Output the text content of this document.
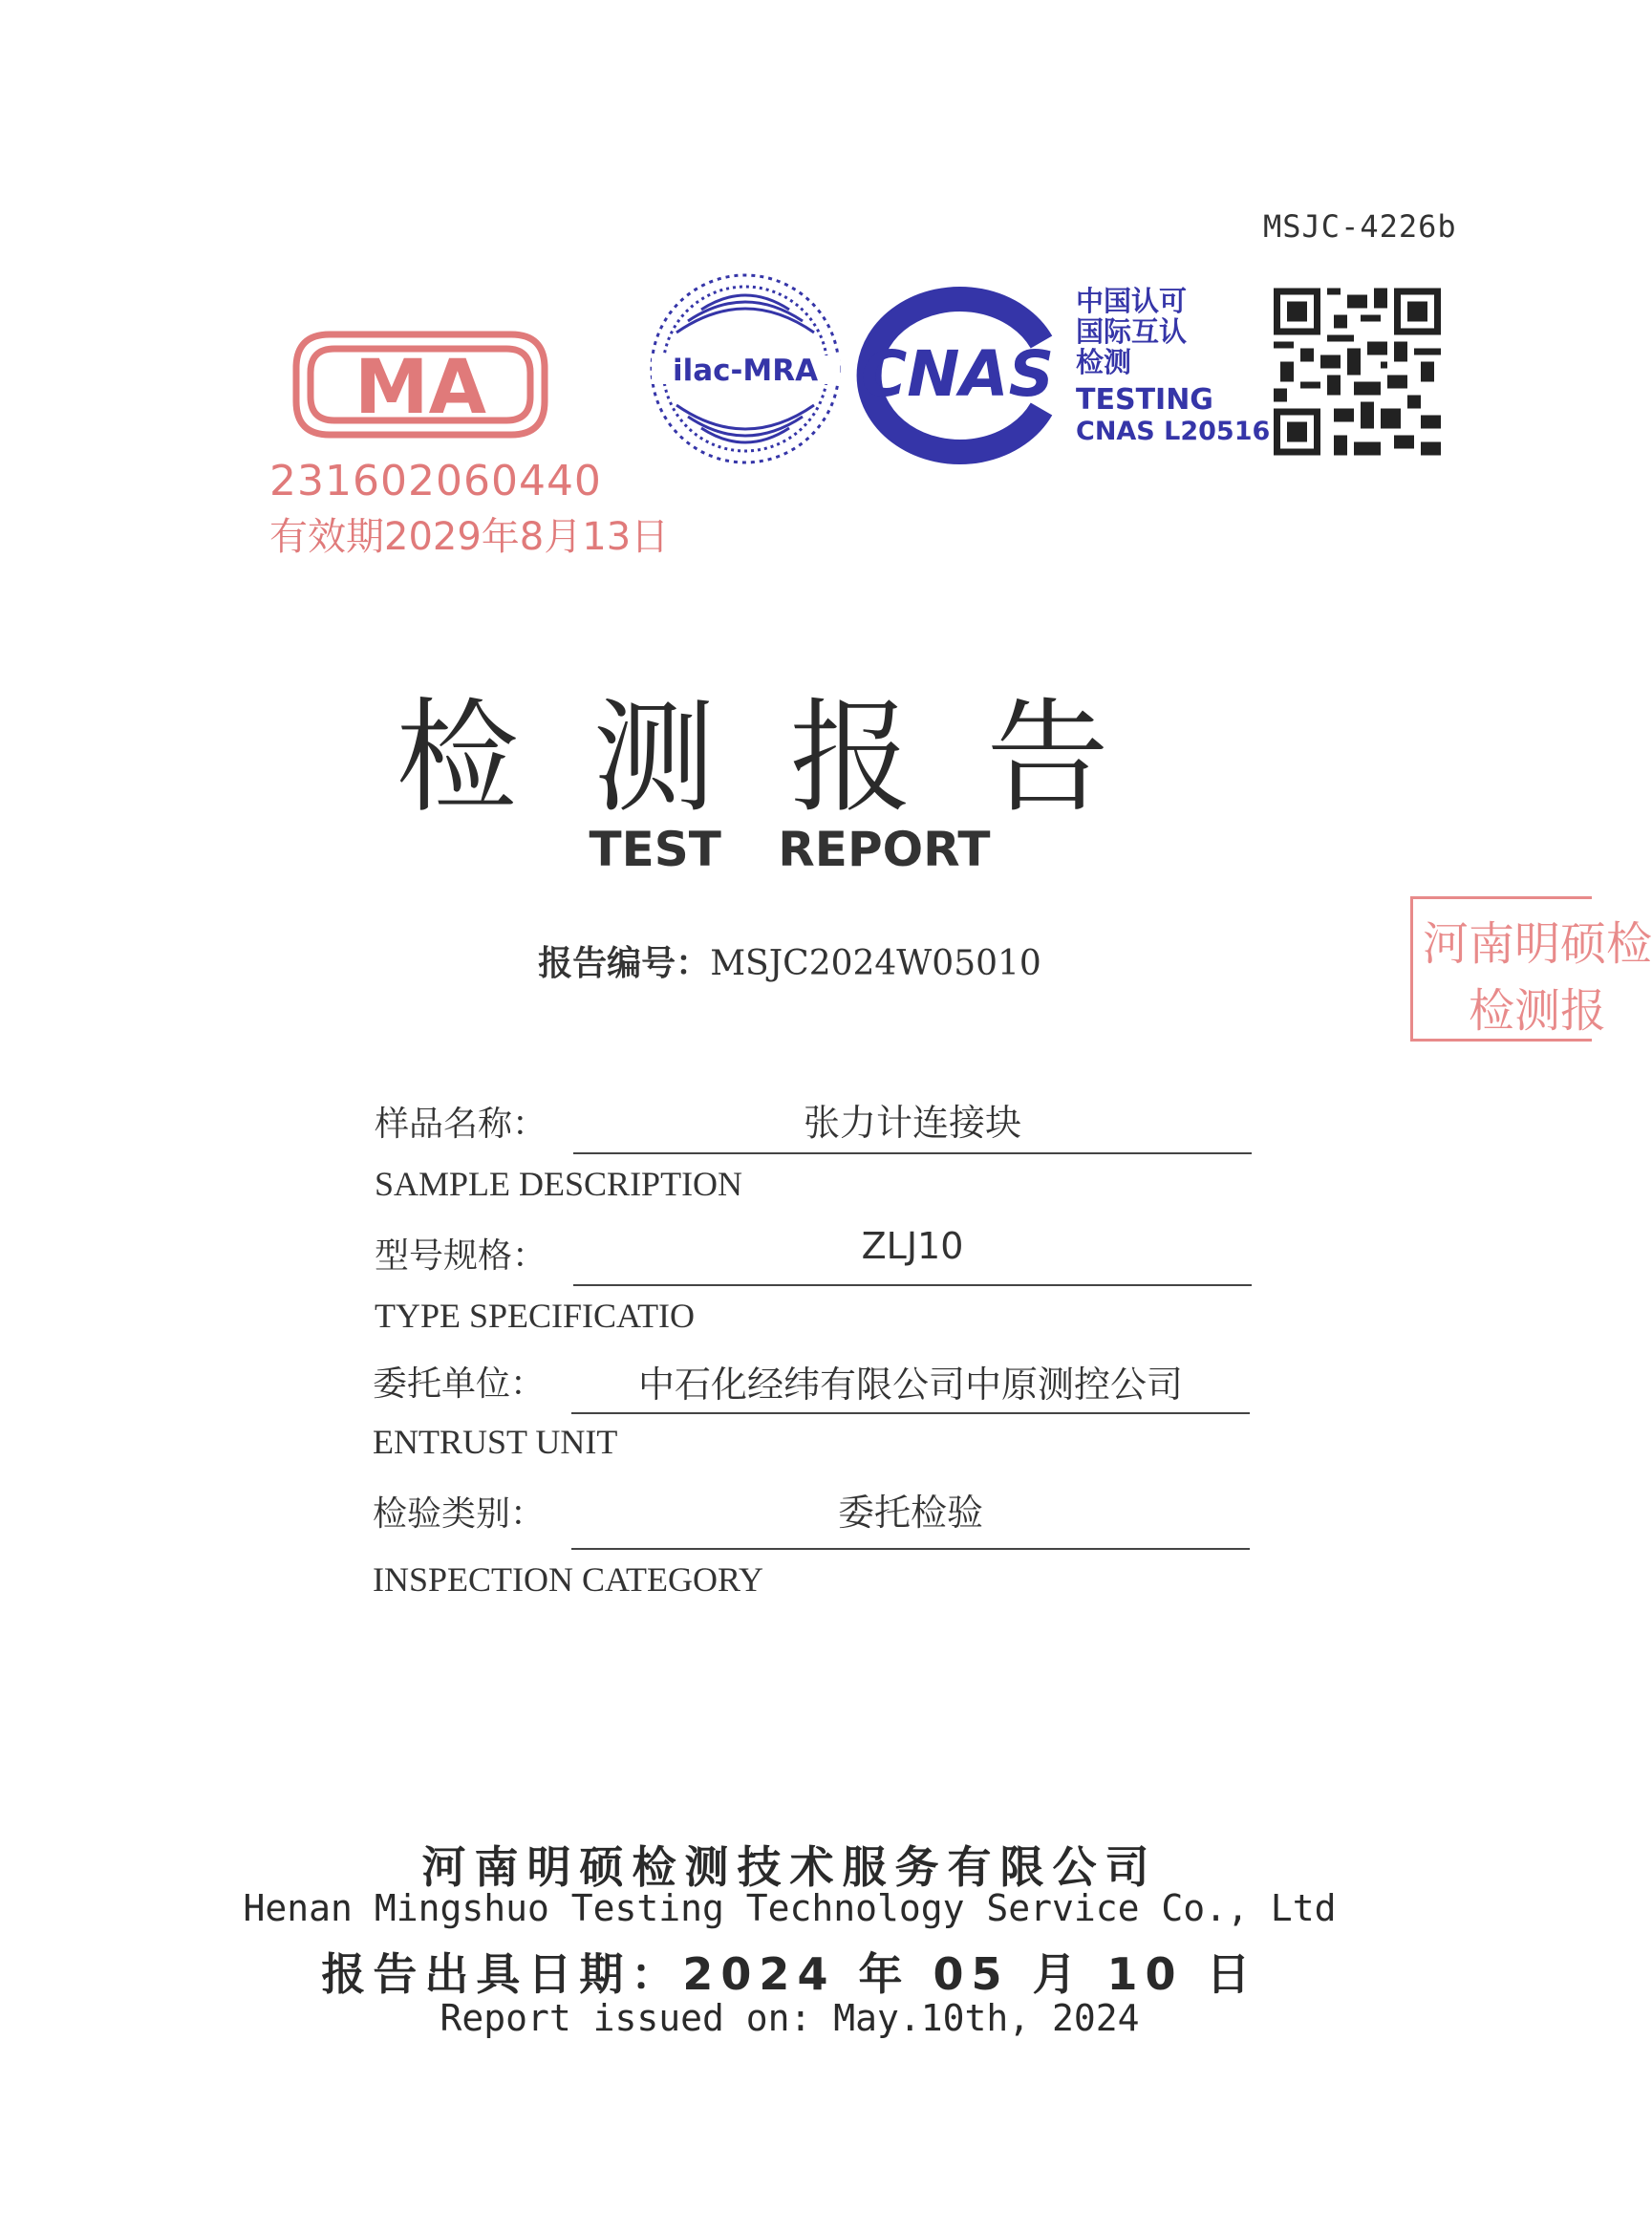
MSJC-4226b
MA
231602060440
有效期2029年8月13日
ilac-MRA CNAS
中国认可
国际互认
检测
TESTING
CNAS L20516
河南明硕检
检测报
检测报告
TEST REPORT
报告编号：MSJC2024W05010
样品名称：	张力计连接块
SAMPLE DESCRIPTION
型号规格：	ZLJ10
TYPE SPECIFICATIO
委托单位：	中石化经纬有限公司中原测控公司
ENTRUST UNIT
检验类别：	委托检验
INSPECTION CATEGORY
河南明硕检测技术服务有限公司
Henan Mingshuo Testing Technology Service Co., Ltd
报告出具日期：2024 年 05 月 10 日
Report issued on: May.10th, 2024
